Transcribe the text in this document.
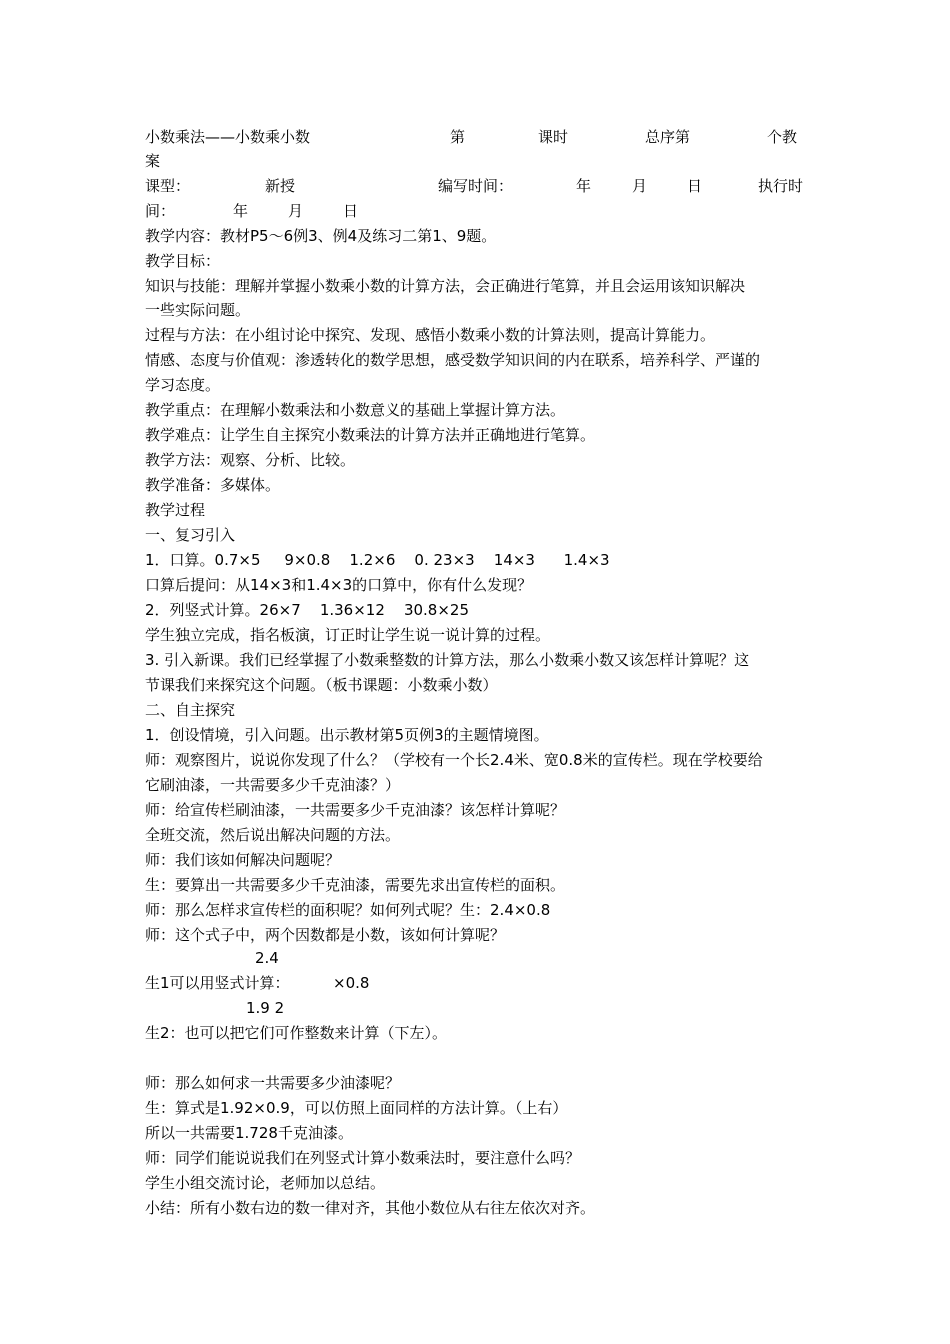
小数乘法——小数乘小数	第	课时	总序第	个教
案
课型：	新授	编写时间：	年	月	日	执行时
间：	年	月	日
教学内容：教材P5～6例3、例4及练习二第1、9题。
教学目标：
知识与技能：理解并掌握小数乘小数的计算方法，会正确进行笔算，并且会运用该知识解决
一些实际问题。
过程与方法：在小组讨论中探究、发现、感悟小数乘小数的计算法则，提高计算能力。
情感、态度与价值观：渗透转化的数学思想，感受数学知识间的内在联系，培养科学、严谨的
学习态度。
教学重点：在理解小数乘法和小数意义的基础上掌握计算方法。
教学难点：让学生自主探究小数乘法的计算方法并正确地进行笔算。
教学方法：观察、分析、比较。
教学准备：多媒体。
教学过程
一、复习引入
1．口算。0.7×5     9×0.8    1.2×6    0. 23×3    14×3      1.4×3
口算后提问：从14×3和1.4×3的口算中，你有什么发现？
2．列竖式计算。26×7    1.36×12    30.8×25
学生独立完成，指名板演，订正时让学生说一说计算的过程。
3. 引入新课。我们已经掌握了小数乘整数的计算方法，那么小数乘小数又该怎样计算呢？这
节课我们来探究这个问题。（板书课题：小数乘小数）
二、自主探究
1．创设情境，引入问题。出示教材第5页例3的主题情境图。
师：观察图片，说说你发现了什么？（学校有一个长2.4米、宽0.8米的宣传栏。现在学校要给
它刷油漆，一共需要多少千克油漆？）
师：给宣传栏刷油漆，一共需要多少千克油漆？该怎样计算呢？
全班交流，然后说出解决问题的方法。
师：我们该如何解决问题呢？
生：要算出一共需要多少千克油漆，需要先求出宣传栏的面积。
师：那么怎样求宣传栏的面积呢？如何列式呢？生：2.4×0.8
师：这个式子中，两个因数都是小数，该如何计算呢？
2.4
生1可以用竖式计算：	×0.8
1.9 2
生2：也可以把它们可作整数来计算（下左）。
师：那么如何求一共需要多少油漆呢？
生：算式是1.92×0.9，可以仿照上面同样的方法计算。（上右）
所以一共需要1.728千克油漆。
师：同学们能说说我们在列竖式计算小数乘法时，要注意什么吗？
学生小组交流讨论，老师加以总结。
小结：所有小数右边的数一律对齐，其他小数位从右往左依次对齐。
